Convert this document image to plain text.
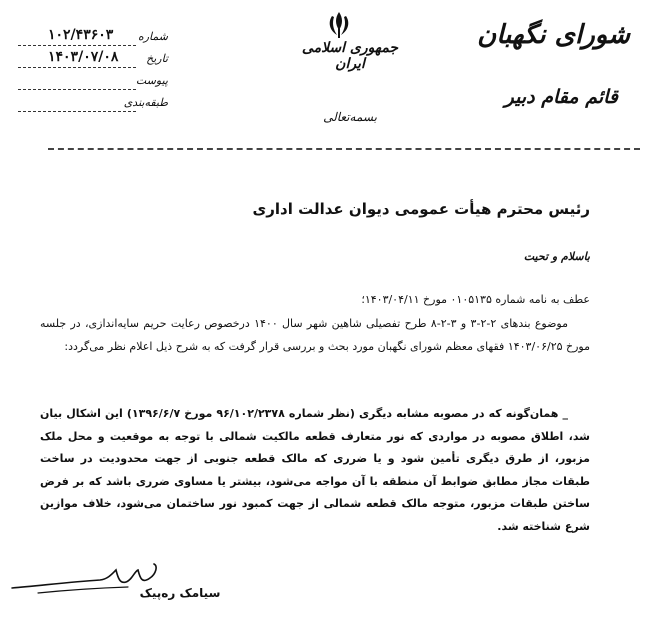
۱۰۲/۴۳۶۰۳ شماره
۱۴۰۳/۰۷/۰۸	تاریخ
پیوست
طبقه‌بندی
جمهوری اسلامی ایران
بسمه‌تعالی
شورای نگهبان
قائم مقام دبیر
رئیس محترم هیأت عمومی دیوان عدالت اداری
باسلام و تحیت
عطف به نامه شماره ۰۱۰۵۱۳۵ مورخ ۱۴۰۳/۰۴/۱۱؛
موضوع بندهای ۲-۲-۳ و ۳-۲-۸ طرح تفصیلی شاهین شهر سال ۱۴۰۰ درخصوص رعایت حریم سایه‌اندازی، در جلسه مورخ ۱۴۰۳/۰۶/۲۵ فقهای معظم شورای نگهبان مورد بحث و بررسی قرار گرفت که به شرح ذیل اعلام نظر می‌گردد:
_ همان‌گونه که در مصوبه مشابه دیگری (نظر شماره ۹۶/۱۰۲/۲۳۷۸ مورخ ۱۳۹۶/۶/۷) این اشکال بیان شد، اطلاق مصوبه در مواردی که نور متعارف قطعه مالکیت شمالی با توجه به موقعیت و محل ملک مزبور، از طرق دیگری تأمین شود و یا ضرری که مالک قطعه جنوبی از جهت محدودیت در ساخت طبقات مجاز مطابق ضوابط آن منطقه با آن مواجه می‌شود، بیشتر یا مساوی ضرری باشد که بر فرض ساختن طبقات مزبور، متوجه مالک قطعه شمالی از جهت کمبود نور ساختمان می‌شود، خلاف موازین شرع شناخته شد.
سیامک ره‌پیک
